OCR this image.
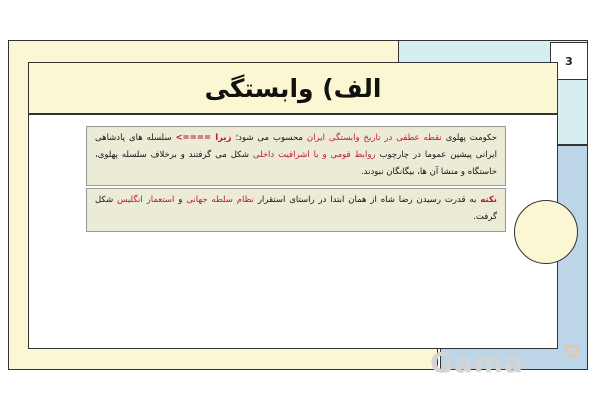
3
الف) وابستگی
حکومت پهلوی نقطه عطفی در تاریخ وابستگی ایران محسوب می شود؛ زیرا ====> سلسله های پادشاهی ایرانی پیشین عموما در چارچوب روابط قومی و با اشرافیت داخلی شکل می گرفتند و برخلاف سلسله پهلوی، خاستگاه و منشا آن ها، بیگانگان نبودند.
نکته به قدرت رسیدن رضا شاه از همان ابتدا در راستای استقرار نظام سلطه جهانی و استعمار انگلیس شکل گرفت.
Gama
